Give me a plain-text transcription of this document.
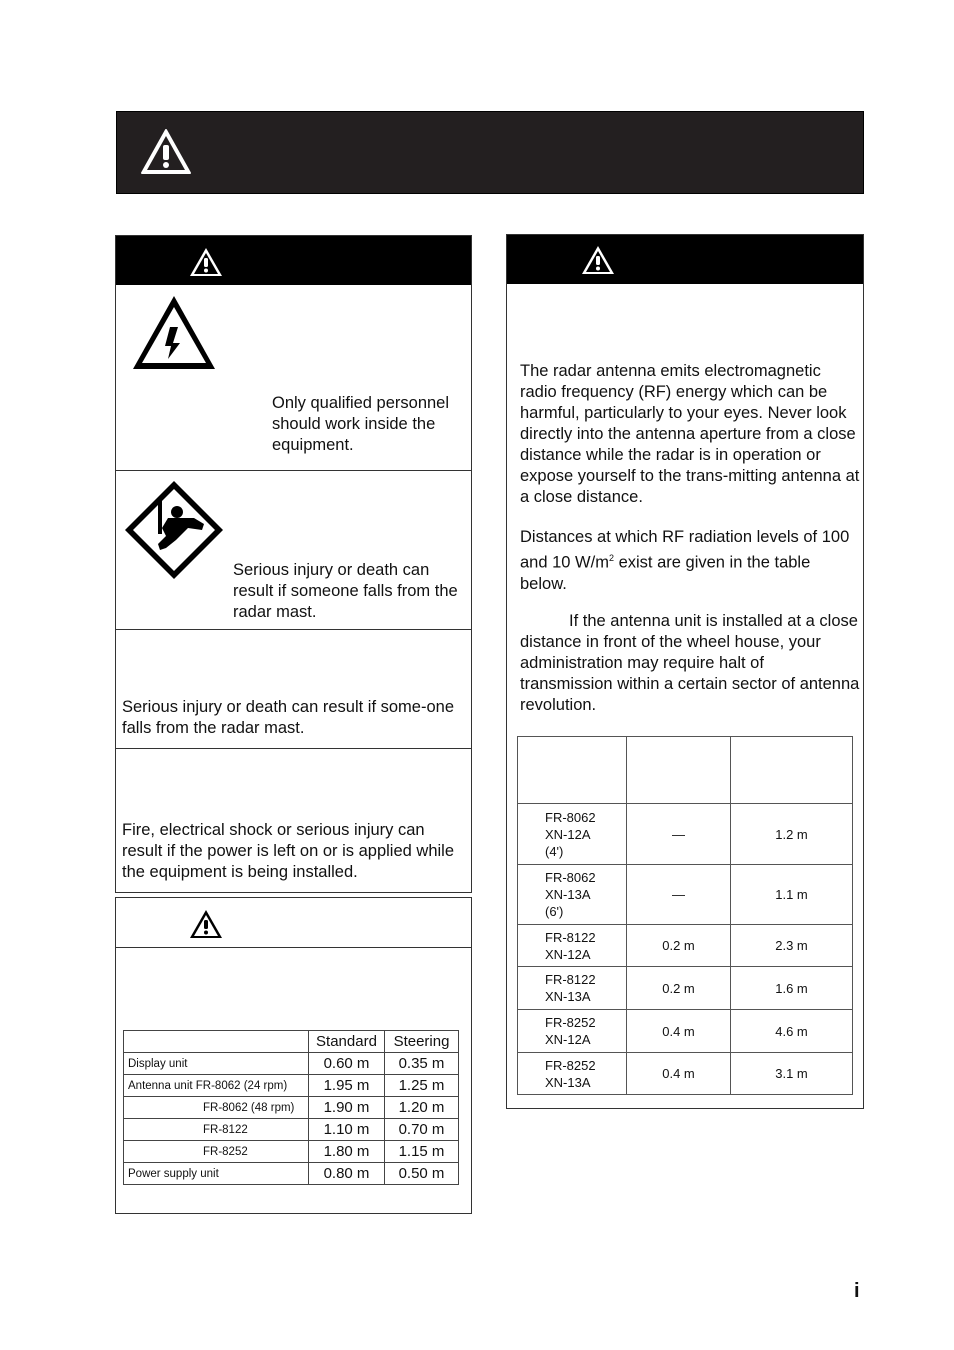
Only qualified personnel should work inside the equipment.
Serious injury or death can result if someone falls from the radar mast.
Serious injury or death can result if some-one falls from the radar mast.
Fire, electrical shock or serious injury can result if the power is left on or is applied while the equipment is being installed.
	Standard	Steering
Display unit	0.60 m	0.35 m
Antenna unit FR-8062 (24 rpm)	1.95 m	1.25 m
FR-8062 (48 rpm)	1.90 m	1.20 m
FR-8122	1.10 m	0.70 m
FR-8252	1.80 m	1.15 m
Power supply unit	0.80 m	0.50 m
The radar antenna emits electromagnetic radio frequency (RF) energy which can be harmful, particularly to your eyes. Never look directly into the antenna aperture from a close distance while the radar is in operation or expose yourself to the trans-mitting antenna at a close distance.
Distances at which RF radiation levels of 100 and 10 $W/m^2$ exist are given in the table below.
If the antenna unit is installed at a close distance in front of the wheel house, your administration may require halt of transmission within a certain sector of antenna revolution.

FR-8062
XN-12A
(4')	—	1.2 m
FR-8062
XN-13A
(6')	—	1.1 m
FR-8122
XN-12A	0.2 m	2.3 m
FR-8122
XN-13A	0.2 m	1.6 m
FR-8252
XN-12A	0.4 m	4.6 m
FR-8252
XN-13A	0.4 m	3.1 m
i
